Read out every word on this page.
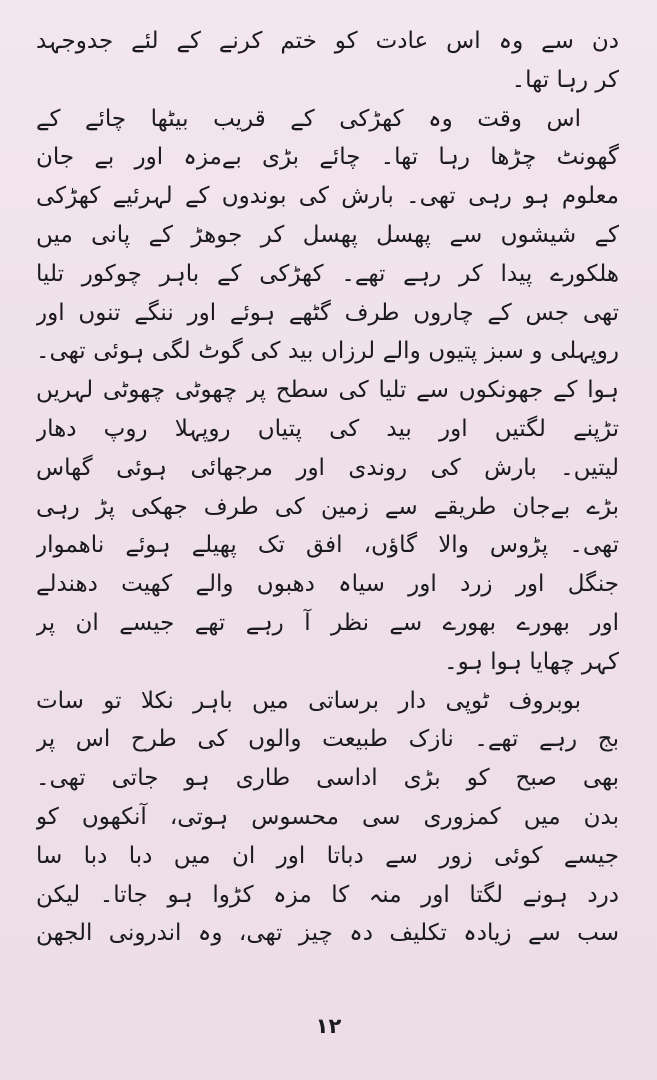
دن سے وہ اس عادت کو ختم کرنے کے لئے جدوجہد
کر رہا تھا۔
اس وقت وہ کھڑکی کے قریب بیٹھا چائے کے
گھونٹ چڑھا رہا تھا۔ چائے بڑی بےمزہ اور بے جان
معلوم ہو رہی تھی۔ بارش کی بوندوں کے لہرئیے کھڑکی
کے شیشوں سے پھسل پھسل کر جوھڑ کے پانی میں
ھلکورے پیدا کر رہے تھے۔ کھڑکی کے باہر چوکور تلیا
تھی جس کے چاروں طرف گٹھے ہوئے اور ننگے تنوں اور
روپہلی و سبز پتیوں والے لرزاں بید کی گوٹ لگی ہوئی تھی۔
ہوا کے جھونکوں سے تلیا کی سطح پر چھوٹی چھوٹی لہریں
تڑپنے لگتیں اور بید کی پتیاں روپہلا روپ دھار
لیتیں۔ بارش کی روندی اور مرجھائی ہوئی گھاس
بڑے بےجان طریقے سے زمین کی طرف جھکی پڑ رہی
تھی۔ پڑوس والا گاؤں، افق تک پھیلے ہوئے ناھموار
جنگل اور زرد اور سیاہ دھبوں والے کھیت دھندلے
اور بھورے بھورے سے نظر آ رہے تھے جیسے ان پر
کہر چھایا ہوا ہو۔
بوبروف ٹوپی دار برساتی میں باہر نکلا تو سات
بج رہے تھے۔ نازک طبیعت والوں کی طرح اس پر
بھی صبح کو بڑی اداسی طاری ہو جاتی تھی۔
بدن میں کمزوری سی محسوس ہوتی، آنکھوں کو
جیسے کوئی زور سے دباتا اور ان میں دبا دبا سا
درد ہونے لگتا اور منہ کا مزہ کڑوا ہو جاتا۔ لیکن
سب سے زیادہ تکلیف دہ چیز تھی، وہ اندرونی الجھن
١٢
